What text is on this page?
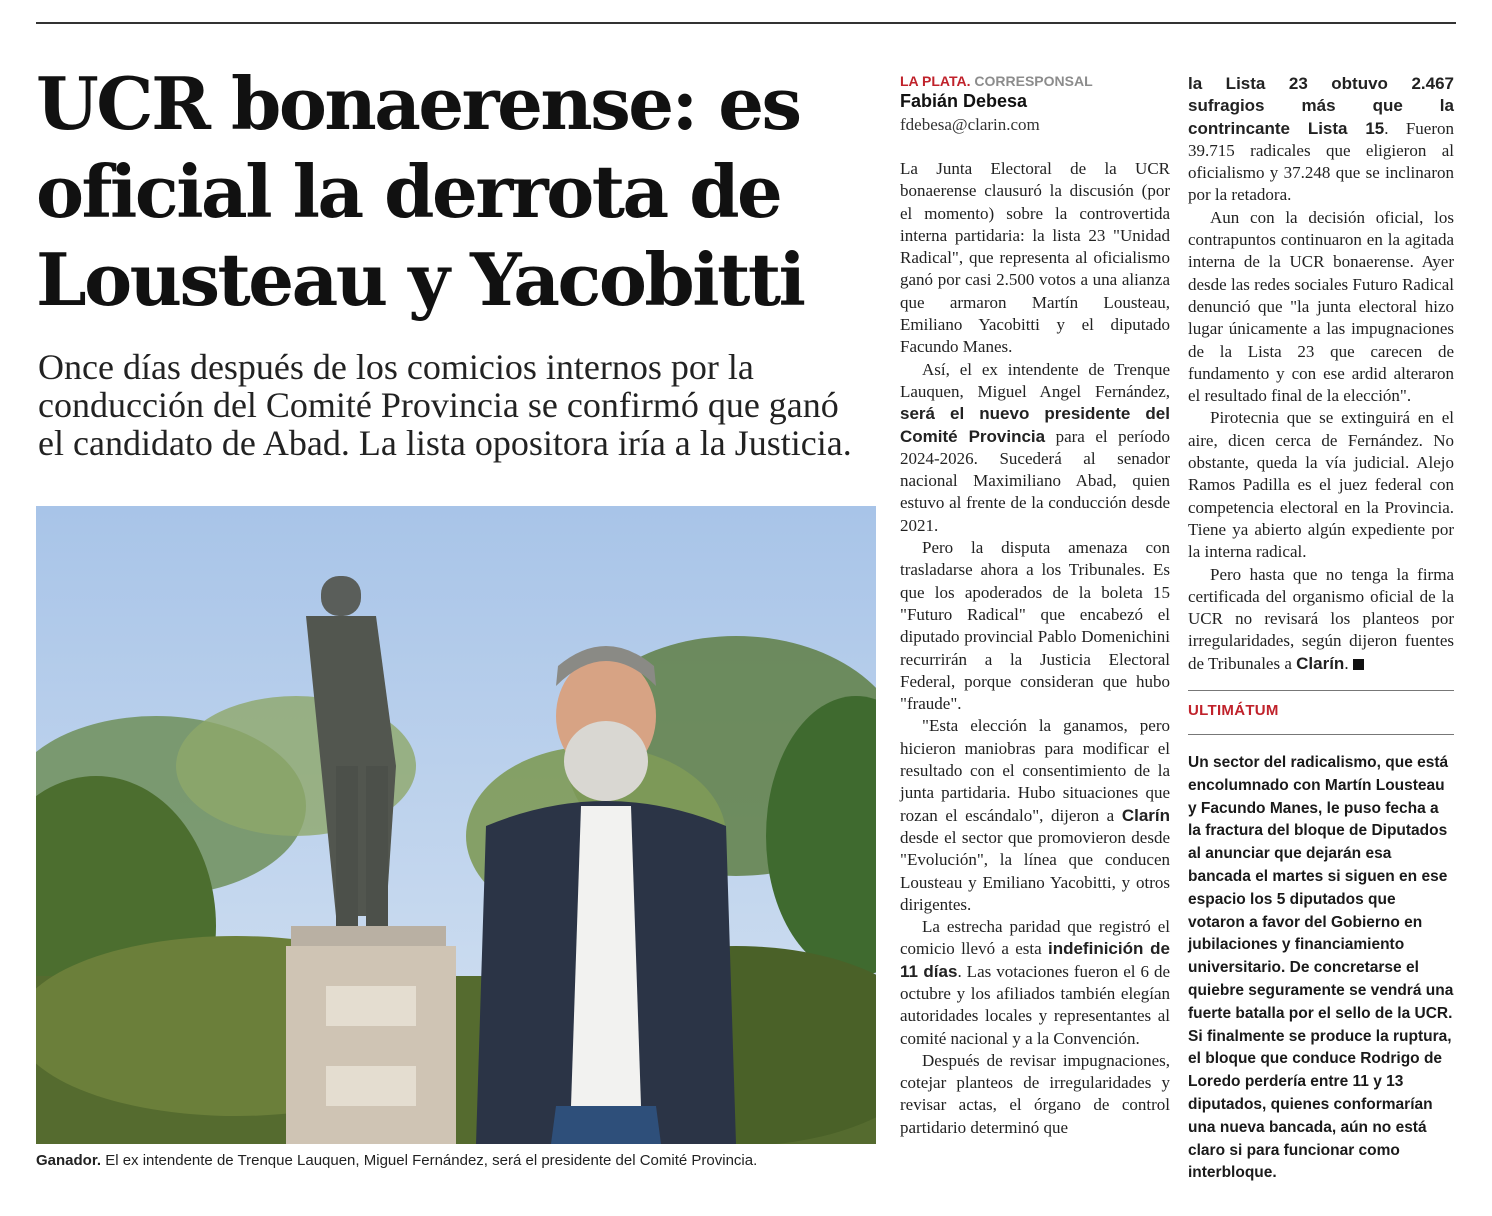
UCR bonaerense: es oficial la derrota de Lousteau y Yacobitti

Once días después de los comicios internos por la conducción del Comité Provincia se confirmó que ganó el candidato de Abad. La lista opositora iría a la Justicia.

Ganador. El ex intendente de Trenque Lauquen, Miguel Fernández, será el presidente del Comité Provincia.
LA PLATA. CORRESPONSAL
Fabián Debesa
fdebesa@clarin.com

La Junta Electoral de la UCR bonaerense clausuró la discusión (por el momento) sobre la controvertida interna partidaria: la lista 23 "Unidad Radical", que representa al oficialismo ganó por casi 2.500 votos a una alianza que armaron Martín Lousteau, Emiliano Yacobitti y el diputado Facundo Manes.

Así, el ex intendente de Trenque Lauquen, Miguel Angel Fernández, será el nuevo presidente del Comité Provincia para el período 2024-2026. Sucederá al senador nacional Maximiliano Abad, quien estuvo al frente de la conducción desde 2021.

Pero la disputa amenaza con trasladarse ahora a los Tribunales. Es que los apoderados de la boleta 15 "Futuro Radical" que encabezó el diputado provincial Pablo Domenichini recurrirán a la Justicia Electoral Federal, porque consideran que hubo "fraude".

"Esta elección la ganamos, pero hicieron maniobras para modificar el resultado con el consentimiento de la junta partidaria. Hubo situaciones que rozan el escándalo", dijeron a Clarín desde el sector que promovieron desde "Evolución", la línea que conducen Lousteau y Emiliano Yacobitti, y otros dirigentes.

La estrecha paridad que registró el comicio llevó a esta indefinición de 11 días. Las votaciones fueron el 6 de octubre y los afiliados también elegían autoridades locales y representantes al comité nacional y a la Convención.

Después de revisar impugnaciones, cotejar planteos de irregularidades y revisar actas, el órgano de control partidario determinó que

la Lista 23 obtuvo 2.467 sufragios más que la contrincante Lista 15. Fueron 39.715 radicales que eligieron al oficialismo y 37.248 que se inclinaron por la retadora.

Aun con la decisión oficial, los contrapuntos continuaron en la agitada interna de la UCR bonaerense. Ayer desde las redes sociales Futuro Radical denunció que "la junta electoral hizo lugar únicamente a las impugnaciones de la Lista 23 que carecen de fundamento y con ese ardid alteraron el resultado final de la elección".

Pirotecnia que se extinguirá en el aire, dicen cerca de Fernández. No obstante, queda la vía judicial. Alejo Ramos Padilla es el juez federal con competencia electoral en la Provincia. Tiene ya abierto algún expediente por la interna radical.

Pero hasta que no tenga la firma certificada del organismo oficial de la UCR no revisará los planteos por irregularidades, según dijeron fuentes de Tribunales a Clarín.

ULTIMÁTUM

Un sector del radicalismo, que está encolumnado con Martín Lousteau y Facundo Manes, le puso fecha a la fractura del bloque de Diputados al anunciar que dejarán esa bancada el martes si siguen en ese espacio los 5 diputados que votaron a favor del Gobierno en jubilaciones y financiamiento universitario. De concretarse el quiebre seguramente se vendrá una fuerte batalla por el sello de la UCR. Si finalmente se produce la ruptura, el bloque que conduce Rodrigo de Loredo perdería entre 11 y 13 diputados, quienes conformarían una nueva bancada, aún no está claro si para funcionar como interbloque.
